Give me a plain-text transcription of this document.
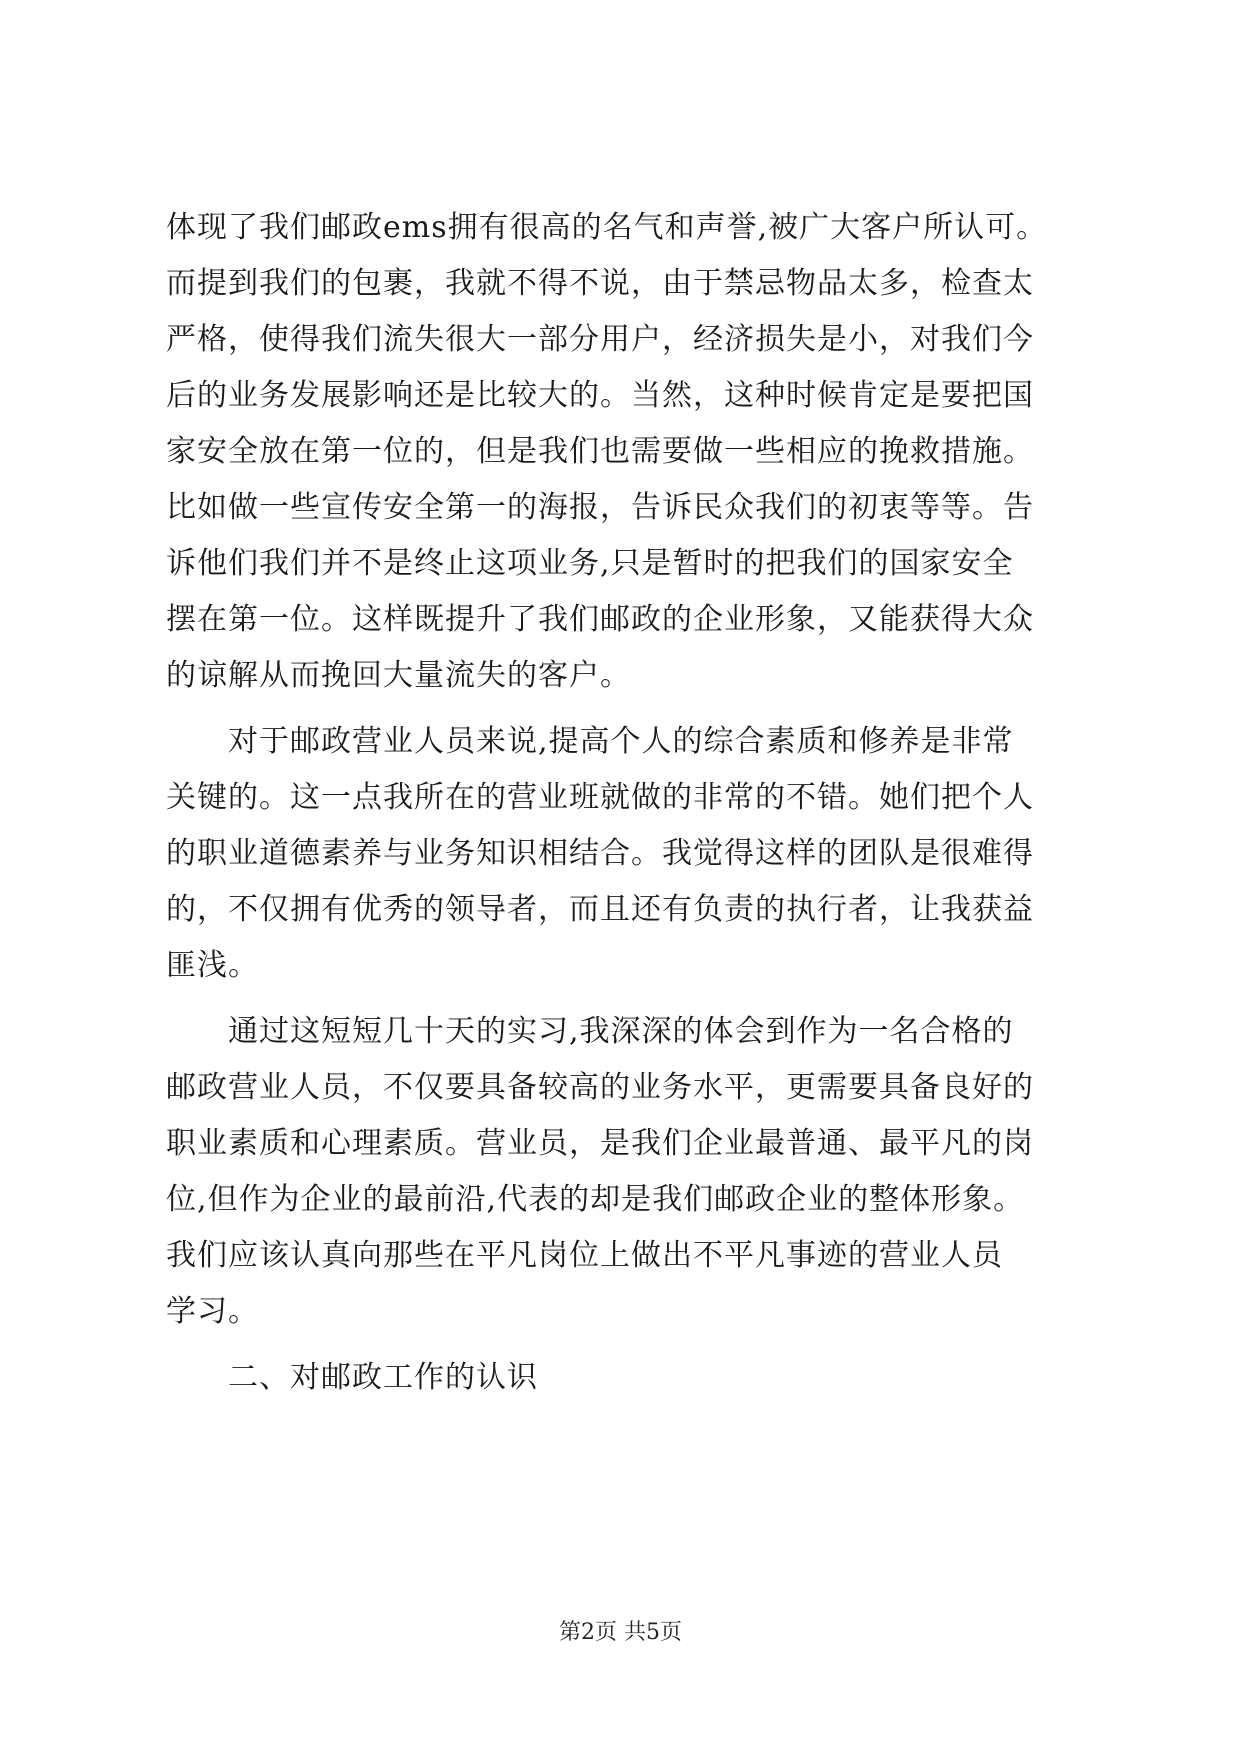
体现了我们邮政ems拥有很高的名气和声誉,被广大客户所认可。
而提到我们的包裹，我就不得不说，由于禁忌物品太多，检查太
严格，使得我们流失很大一部分用户，经济损失是小，对我们今
后的业务发展影响还是比较大的。当然，这种时候肯定是要把国
家安全放在第一位的，但是我们也需要做一些相应的挽救措施。
比如做一些宣传安全第一的海报，告诉民众我们的初衷等等。告
诉他们我们并不是终止这项业务,只是暂时的把我们的国家安全
摆在第一位。这样既提升了我们邮政的企业形象，又能获得大众
的谅解从而挽回大量流失的客户。
对于邮政营业人员来说,提高个人的综合素质和修养是非常
关键的。这一点我所在的营业班就做的非常的不错。她们把个人
的职业道德素养与业务知识相结合。我觉得这样的团队是很难得
的，不仅拥有优秀的领导者，而且还有负责的执行者，让我获益
匪浅。
通过这短短几十天的实习,我深深的体会到作为一名合格的
邮政营业人员，不仅要具备较高的业务水平，更需要具备良好的
职业素质和心理素质。营业员，是我们企业最普通、最平凡的岗
位,但作为企业的最前沿,代表的却是我们邮政企业的整体形象。
我们应该认真向那些在平凡岗位上做出不平凡事迹的营业人员
学习。
二、对邮政工作的认识
第2页 共5页
